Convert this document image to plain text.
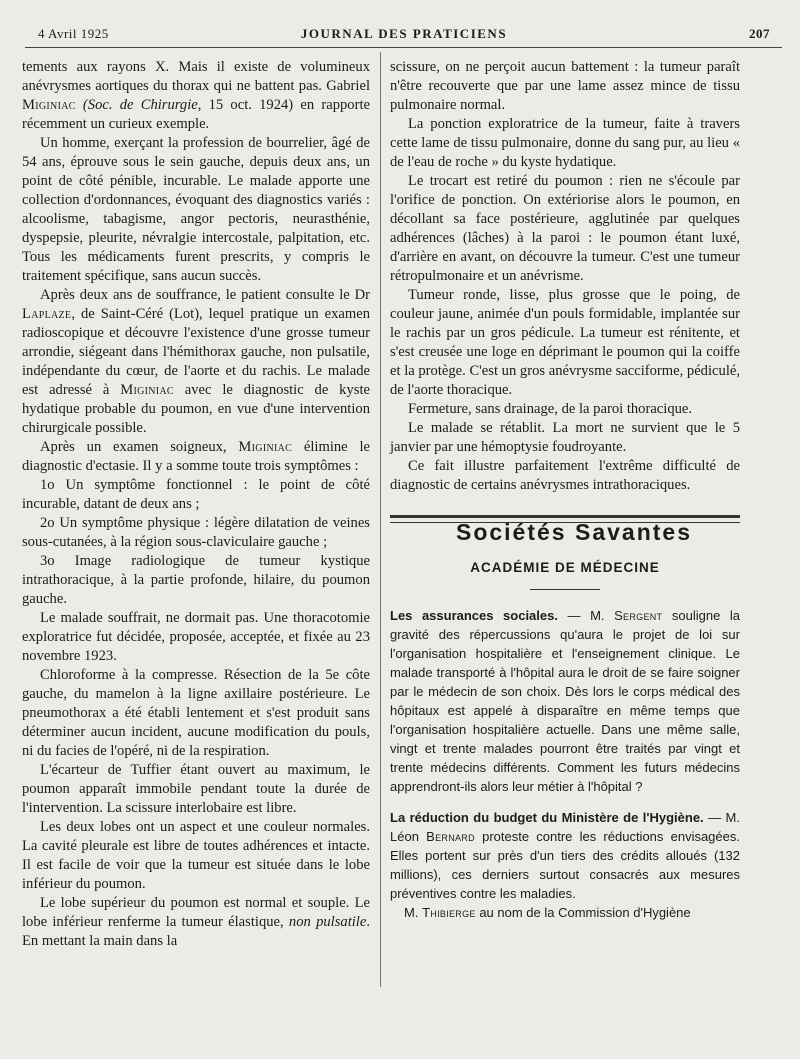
4 Avril 1925	JOURNAL DES PRATICIENS	207

tements aux rayons X. Mais il existe de volumineux anévrysmes aortiques du thorax qui ne battent pas. Gabriel Miginiac (Soc. de Chirurgie, 15 oct. 1924) en rapporte récemment un curieux exemple.

Un homme, exerçant la profession de bourrelier, âgé de 54 ans, éprouve sous le sein gauche, depuis deux ans, un point de côté pénible, incurable. Le malade apporte une collection d'ordonnances, évoquant des diagnostics variés : alcoolisme, tabagisme, angor pectoris, neurasthénie, dyspepsie, pleurite, névralgie intercostale, palpitation, etc. Tous les médicaments furent prescrits, y compris le traitement spécifique, sans aucun succès.

Après deux ans de souffrance, le patient consulte le Dr Laplaze, de Saint-Céré (Lot), lequel pratique un examen radioscopique et découvre l'existence d'une grosse tumeur arrondie, siégeant dans l'hémithorax gauche, non pulsatile, indépendante du cœur, de l'aorte et du rachis. Le malade est adressé à Miginiac avec le diagnostic de kyste hydatique probable du poumon, en vue d'une intervention chirurgicale possible.

Après un examen soigneux, Miginiac élimine le diagnostic d'ectasie. Il y a somme toute trois symptômes :

1o Un symptôme fonctionnel : le point de côté incurable, datant de deux ans ;

2o Un symptôme physique : légère dilatation de veines sous-cutanées, à la région sous-claviculaire gauche ;

3o Image radiologique de tumeur kystique intrathoracique, à la partie profonde, hilaire, du poumon gauche.

Le malade souffrait, ne dormait pas. Une thoracotomie exploratrice fut décidée, proposée, acceptée, et fixée au 23 novembre 1923.

Chloroforme à la compresse. Résection de la 5e côte gauche, du mamelon à la ligne axillaire postérieure. Le pneumothorax a été établi lentement et s'est produit sans déterminer aucun incident, aucune modification du pouls, ni du facies de l'opéré, ni de la respiration.

L'écarteur de Tuffier étant ouvert au maximum, le poumon apparaît immobile pendant toute la durée de l'intervention. La scissure interlobaire est libre.

Les deux lobes ont un aspect et une couleur normales. La cavité pleurale est libre de toutes adhérences et intacte. Il est facile de voir que la tumeur est située dans le lobe inférieur du poumon.

Le lobe supérieur du poumon est normal et souple. Le lobe inférieur renferme la tumeur élastique, non pulsatile. En mettant la main dans la

scissure, on ne perçoit aucun battement : la tumeur paraît n'être recouverte que par une lame assez mince de tissu pulmonaire normal.

La ponction exploratrice de la tumeur, faite à travers cette lame de tissu pulmonaire, donne du sang pur, au lieu « de l'eau de roche » du kyste hydatique.

Le trocart est retiré du poumon : rien ne s'écoule par l'orifice de ponction. On extériorise alors le poumon, en décollant sa face postérieure, agglutinée par quelques adhérences (lâches) à la paroi : le poumon étant luxé, d'arrière en avant, on découvre la tumeur. C'est une tumeur rétropulmonaire et un anévrisme.

Tumeur ronde, lisse, plus grosse que le poing, de couleur jaune, animée d'un pouls formidable, implantée sur le rachis par un gros pédicule. La tumeur est rénitente, et s'est creusée une loge en déprimant le poumon qui la coiffe et la protège. C'est un gros anévrysme sacciforme, pédiculé, de l'aorte thoracique.

Fermeture, sans drainage, de la paroi thoracique.

Le malade se rétablit. La mort ne survient que le 5 janvier par une hémoptysie foudroyante.

Ce fait illustre parfaitement l'extrême difficulté de diagnostic de certains anévrysmes intrathoraciques.

Sociétés Savantes

ACADÉMIE DE MÉDECINE

Les assurances sociales. — M. Sergent souligne la gravité des répercussions qu'aura le projet de loi sur l'organisation hospitalière et l'enseignement clinique. Le malade transporté à l'hôpital aura le droit de se faire soigner par le médecin de son choix. Dès lors le corps médical des hôpitaux est appelé à disparaître en même temps que l'organisation hospitalière actuelle. Dans une même salle, vingt et trente malades pourront être traités par vingt et trente médecins différents. Comment les futurs médecins apprendront-ils alors leur métier à l'hôpital ?

La réduction du budget du Ministère de l'Hygiène. — M. Léon Bernard proteste contre les réductions envisagées. Elles portent sur près d'un tiers des crédits alloués (132 millions), ces derniers surtout consacrés aux mesures préventives contre les maladies.

M. Thibierge au nom de la Commission d'Hygiène
